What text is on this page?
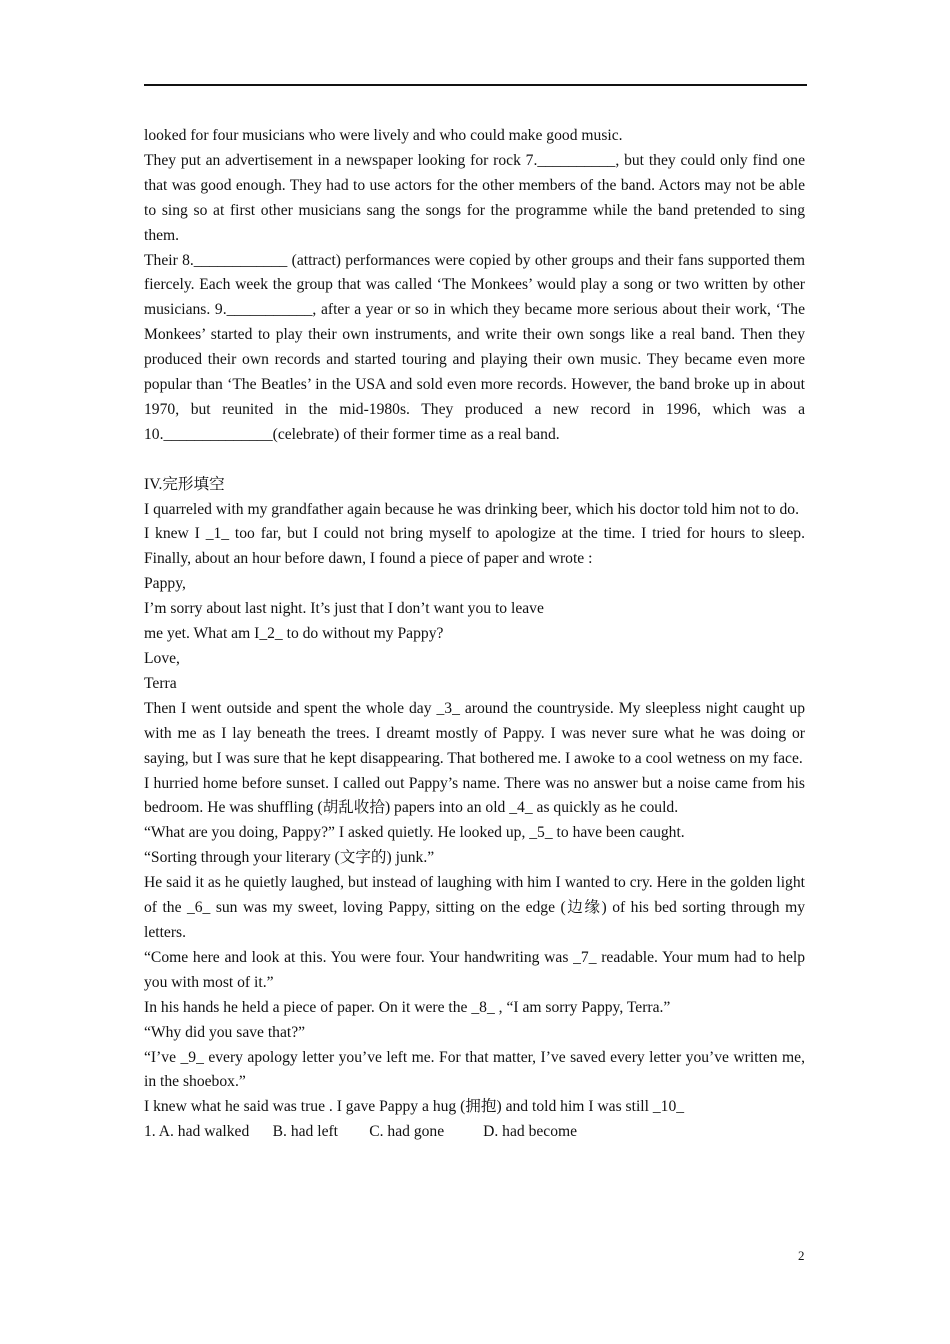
looked for four musicians who were lively and who could make good music.

They put an advertisement in a newspaper looking for rock 7.__________, but they could only find one that was good enough. They had to use actors for the other members of the band. Actors may not be able to sing so at first other musicians sang the songs for the programme while the band pretended to sing them.

Their 8.____________ (attract) performances were copied by other groups and their fans supported them fiercely. Each week the group that was called ‘The Monkees’ would play a song or two written by other musicians. 9.___________, after a year or so in which they became more serious about their work, ‘The Monkees’ started to play their own instruments, and write their own songs like a real band. Then they produced their own records and started touring and playing their own music. They became even more popular than ‘The Beatles’ in the USA and sold even more records. However, the band broke up in about 1970, but reunited in the mid-1980s. They produced a new record in 1996, which was a 10.______________(celebrate) of their former time as a real band.

IV.完形填空

I quarreled with my grandfather again because he was drinking beer, which his doctor told him not to do.

I knew I _1_ too far, but I could not bring myself to apologize at the time. I tried for hours to sleep. Finally, about an hour before dawn, I found a piece of paper and wrote :

Pappy,

I’m sorry about last night. It’s just that I don’t want you to leave

me yet. What am I_2_ to do without my Pappy?

Love,

Terra

Then I went outside and spent the whole day _3_ around the countryside. My sleepless night caught up with me as I lay beneath the trees. I dreamt mostly of Pappy. I was never sure what he was doing or saying, but I was sure that he kept disappearing. That bothered me. I awoke to a cool wetness on my face.

I hurried home before sunset. I called out Pappy’s name. There was no answer but a noise came from his bedroom. He was shuffling (胡乱收拾) papers into an old _4_ as quickly as he could.

“What are you doing, Pappy?” I asked quietly. He looked up, _5_ to have been caught.

“Sorting through your literary (文字的) junk.”

He said it as he quietly laughed, but instead of laughing with him I wanted to cry. Here in the golden light of the _6_ sun was my sweet, loving Pappy, sitting on the edge (边缘) of his bed sorting through my letters.

“Come here and look at this. You were four. Your handwriting was _7_ readable. Your mum had to help you with most of it.”

In his hands he held a piece of paper. On it were the _8_ , “I am sorry Pappy, Terra.”

“Why did you save that?”

“I’ve _9_ every apology letter you’ve left me. For that matter, I’ve saved every letter you’ve written me, in the shoebox.”

I knew what he said was true . I gave Pappy a hug (拥抱) and told him I was still _10_

1. A. had walked      B. had left        C. had gone          D. had become

2
